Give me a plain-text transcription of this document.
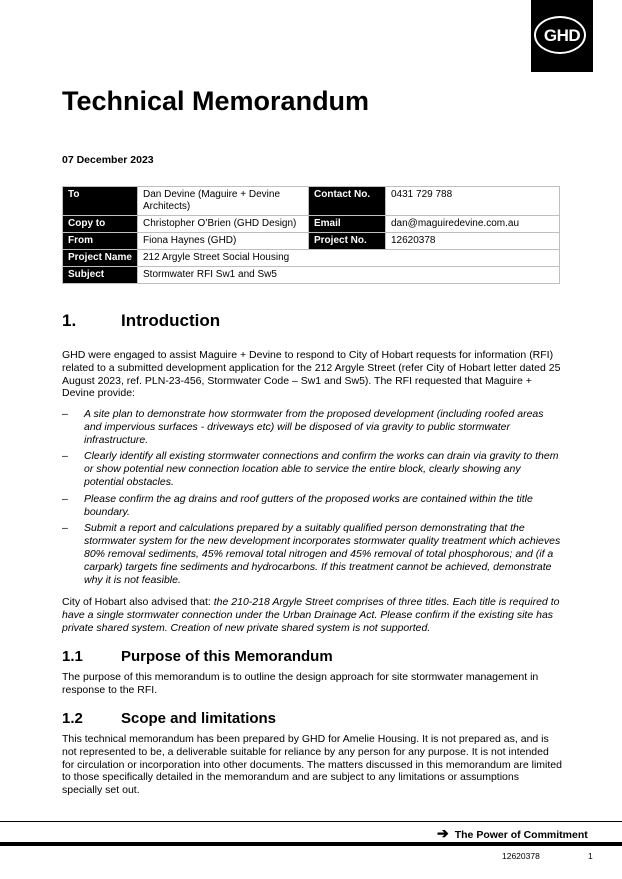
GHD
Technical Memorandum
07 December 2023
To	Dan Devine (Maguire + Devine Architects)	Contact No.	0431 729 788
Copy to	Christopher O’Brien (GHD Design)	Email	dan@maguiredevine.com.au
From	Fiona Haynes (GHD)	Project No.	12620378
Project Name	212 Argyle Street Social Housing		
Subject	Stormwater RFI Sw1 and Sw5		
1.	Introduction

GHD were engaged to assist Maguire + Devine to respond to City of Hobart requests for information (RFI) related to a submitted development application for the 212 Argyle Street (refer City of Hobart letter dated 25 August 2023, ref. PLN-23-456, Stormwater Code – Sw1 and Sw5). The RFI requested that Maguire + Devine provide:

– A site plan to demonstrate how stormwater from the proposed development (including roofed areas and impervious surfaces - driveways etc) will be disposed of via gravity to public stormwater infrastructure.
– Clearly identify all existing stormwater connections and confirm the works can drain via gravity to them or show potential new connection location able to service the entire block, clearly showing any potential obstacles.
– Please confirm the ag drains and roof gutters of the proposed works are contained within the title boundary.
– Submit a report and calculations prepared by a suitably qualified person demonstrating that the stormwater system for the new development incorporates stormwater quality treatment which achieves 80% removal sediments, 45% removal total nitrogen and 45% removal of total phosphorous; and (if a carpark) targets fine sediments and hydrocarbons. If this treatment cannot be achieved, demonstrate why it is not feasible.

City of Hobart also advised that: the 210-218 Argyle Street comprises of three titles. Each title is required to have a single stormwater connection under the Urban Drainage Act. Please confirm if the existing site has private shared system. Creation of new private shared system is not supported.

1.1	Purpose of this Memorandum

The purpose of this memorandum is to outline the design approach for site stormwater management in response to the RFI.

1.2	Scope and limitations

This technical memorandum has been prepared by GHD for Amelie Housing. It is not prepared as, and is not represented to be, a deliverable suitable for reliance by any person for any purpose. It is not intended for circulation or incorporation into other documents. The matters discussed in this memorandum are limited to those specifically detailed in the memorandum and are subject to any limitations or assumptions specially set out.

➔ The Power of Commitment
12620378	1
